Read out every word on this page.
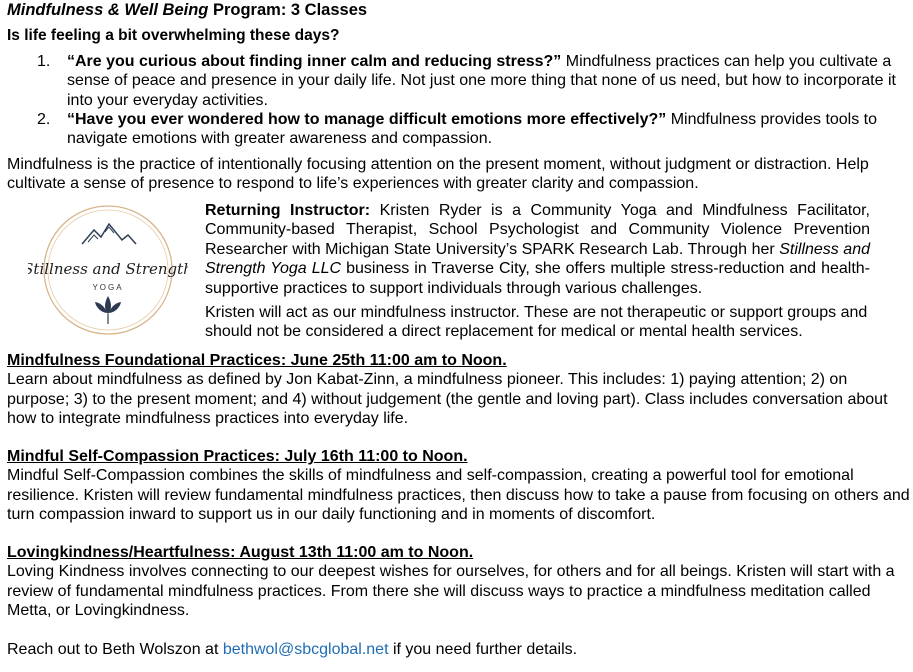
Mindfulness & Well Being Program: 3 Classes
Is life feeling a bit overwhelming these days?
1. “Are you curious about finding inner calm and reducing stress?” Mindfulness practices can help you cultivate a sense of peace and presence in your daily life. Not just one more thing that none of us need, but how to incorporate it into your everyday activities.

2. “Have you ever wondered how to manage difficult emotions more effectively?” Mindfulness provides tools to navigate emotions with greater awareness and compassion.

Mindfulness is the practice of intentionally focusing attention on the present moment, without judgment or distraction. Help cultivate a sense of presence to respond to life’s experiences with greater clarity and compassion.

Stillness and Strength
YOGA

Returning Instructor: Kristen Ryder is a Community Yoga and Mindfulness Facilitator, Community-based Therapist, School Psychologist and Community Violence Prevention Researcher with Michigan State University’s SPARK Research Lab. Through her Stillness and Strength Yoga LLC business in Traverse City, she offers multiple stress-reduction and health-supportive practices to support individuals through various challenges.

Kristen will act as our mindfulness instructor. These are not therapeutic or support groups and should not be considered a direct replacement for medical or mental health services.

Mindfulness Foundational Practices: June 25th 11:00 am to Noon.

Learn about mindfulness as defined by Jon Kabat-Zinn, a mindfulness pioneer. This includes: 1) paying attention; 2) on purpose; 3) to the present moment; and 4) without judgement (the gentle and loving part). Class includes conversation about how to integrate mindfulness practices into everyday life.

Mindful Self-Compassion Practices: July 16th 11:00 to Noon.

Mindful Self-Compassion combines the skills of mindfulness and self-compassion, creating a powerful tool for emotional resilience. Kristen will review fundamental mindfulness practices, then discuss how to take a pause from focusing on others and turn compassion inward to support us in our daily functioning and in moments of discomfort.

Lovingkindness/Heartfulness: August 13th 11:00 am to Noon.

Loving Kindness involves connecting to our deepest wishes for ourselves, for others and for all beings. Kristen will start with a review of fundamental mindfulness practices. From there she will discuss ways to practice a mindfulness meditation called Metta, or Lovingkindness.

Reach out to Beth Wolszon at bethwol@sbcglobal.net if you need further details.
